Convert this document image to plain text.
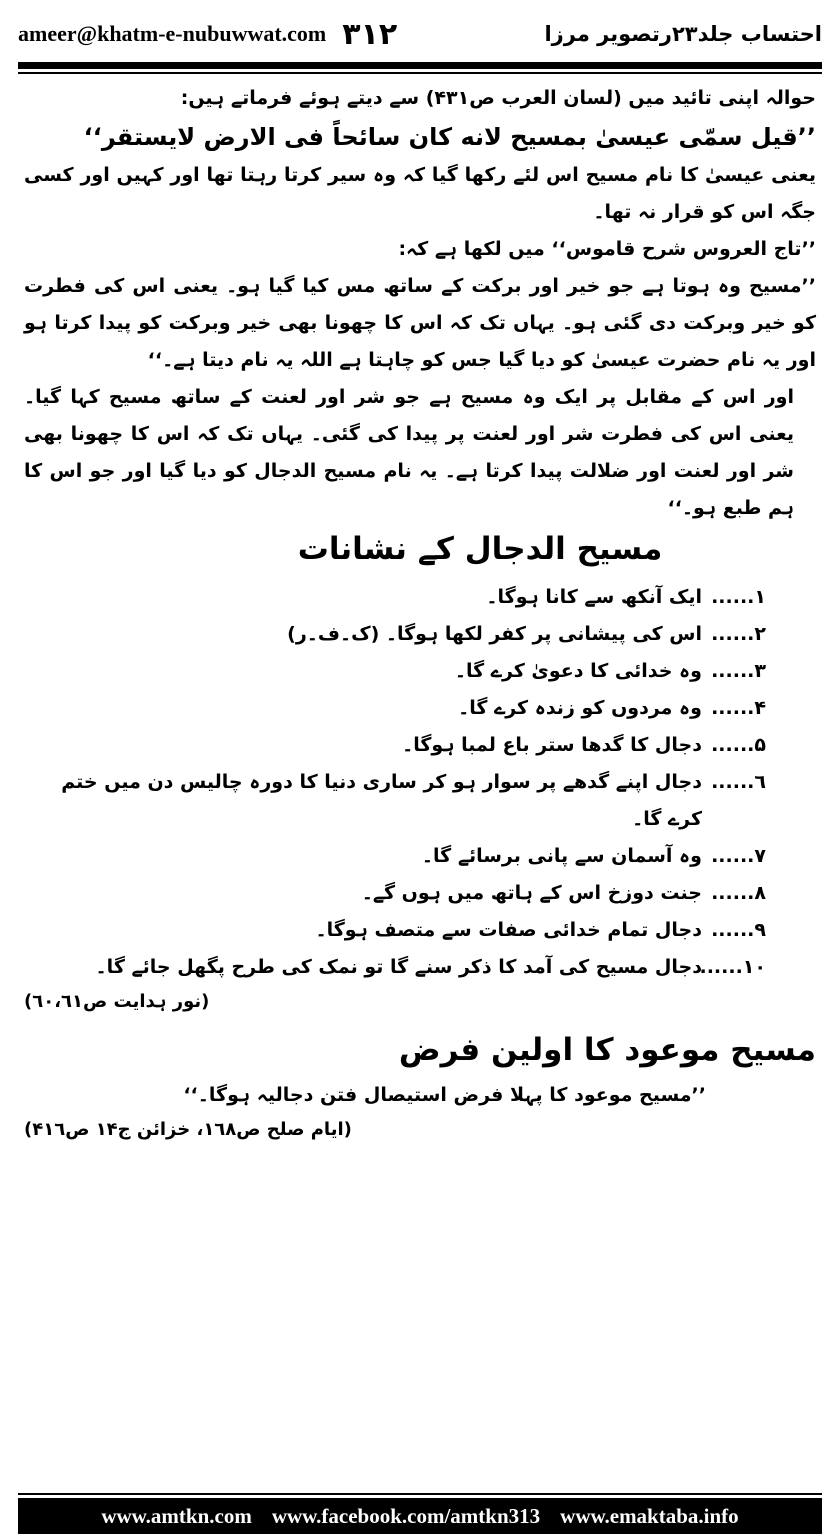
ameer@khatm-e-nubuwwat.com ٣١٢	احتساب جلد٢٣رتصویر مرزا

حوالہ اپنی تائید میں (لسان العرب ص۴۳۱) سے دیتے ہوئے فرماتے ہیں:

’’قیل سمّی عیسیٰ بمسیح لانه کان سائحاً فی الارض لایستقر‘‘

یعنی عیسیٰ کا نام مسیح اس لئے رکھا گیا کہ وہ سیر کرتا رہتا تھا اور کہیں اور کسی جگہ اس کو قرار نہ تھا۔

’’تاج العروس شرح قاموس‘‘ میں لکھا ہے کہ:

’’مسیح وہ ہوتا ہے جو خیر اور برکت کے ساتھ مس کیا گیا ہو۔ یعنی اس کی فطرت کو خیر وبرکت دی گئی ہو۔ یہاں تک کہ اس کا چھونا بھی خیر وبرکت کو پیدا کرتا ہو اور یہ نام حضرت عیسیٰ کو دیا گیا جس کو چاہتا ہے اللہ یہ نام دیتا ہے۔‘‘

اور اس کے مقابل پر ایک وہ مسیح ہے جو شر اور لعنت کے ساتھ مسیح کہا گیا۔ یعنی اس کی فطرت شر اور لعنت پر پیدا کی گئی۔ یہاں تک کہ اس کا چھونا بھی شر اور لعنت اور ضلالت پیدا کرتا ہے۔ یہ نام مسیح الدجال کو دیا گیا اور جو اس کا ہم طبع ہو۔‘‘

مسیح الدجال کے نشانات
١......
ایک آنکھ سے کانا ہوگا۔
٢......
اس کی پیشانی پر کفر لکھا ہوگا۔ (ک۔ف۔ر)
٣......
وہ خدائی کا دعویٰ کرے گا۔
۴......
وہ مردوں کو زندہ کرے گا۔
۵......
دجال کا گدھا ستر باع لمبا ہوگا۔
٦......
دجال اپنے گدھے پر سوار ہو کر ساری دنیا کا دورہ چالیس دن میں ختم کرے گا۔
٧......
وہ آسمان سے پانی برسائے گا۔
٨......
جنت دوزخ اس کے ہاتھ میں ہوں گے۔
٩......
دجال تمام خدائی صفات سے متصف ہوگا۔
١٠......
دجال مسیح کی آمد کا ذکر سنے گا تو نمک کی طرح پگھل جائے گا۔

(نور ہدایت ص٦٠،٦١)

مسیح موعود کا اولین فرض

’’مسیح موعود کا پہلا فرض استیصال فتن دجالیہ ہوگا۔‘‘

(ایام صلح ص١٦٨، خزائن ج١۴ ص۴١٦)

www.amtkn.com www.facebook.com/amtkn313 www.emaktaba.info
